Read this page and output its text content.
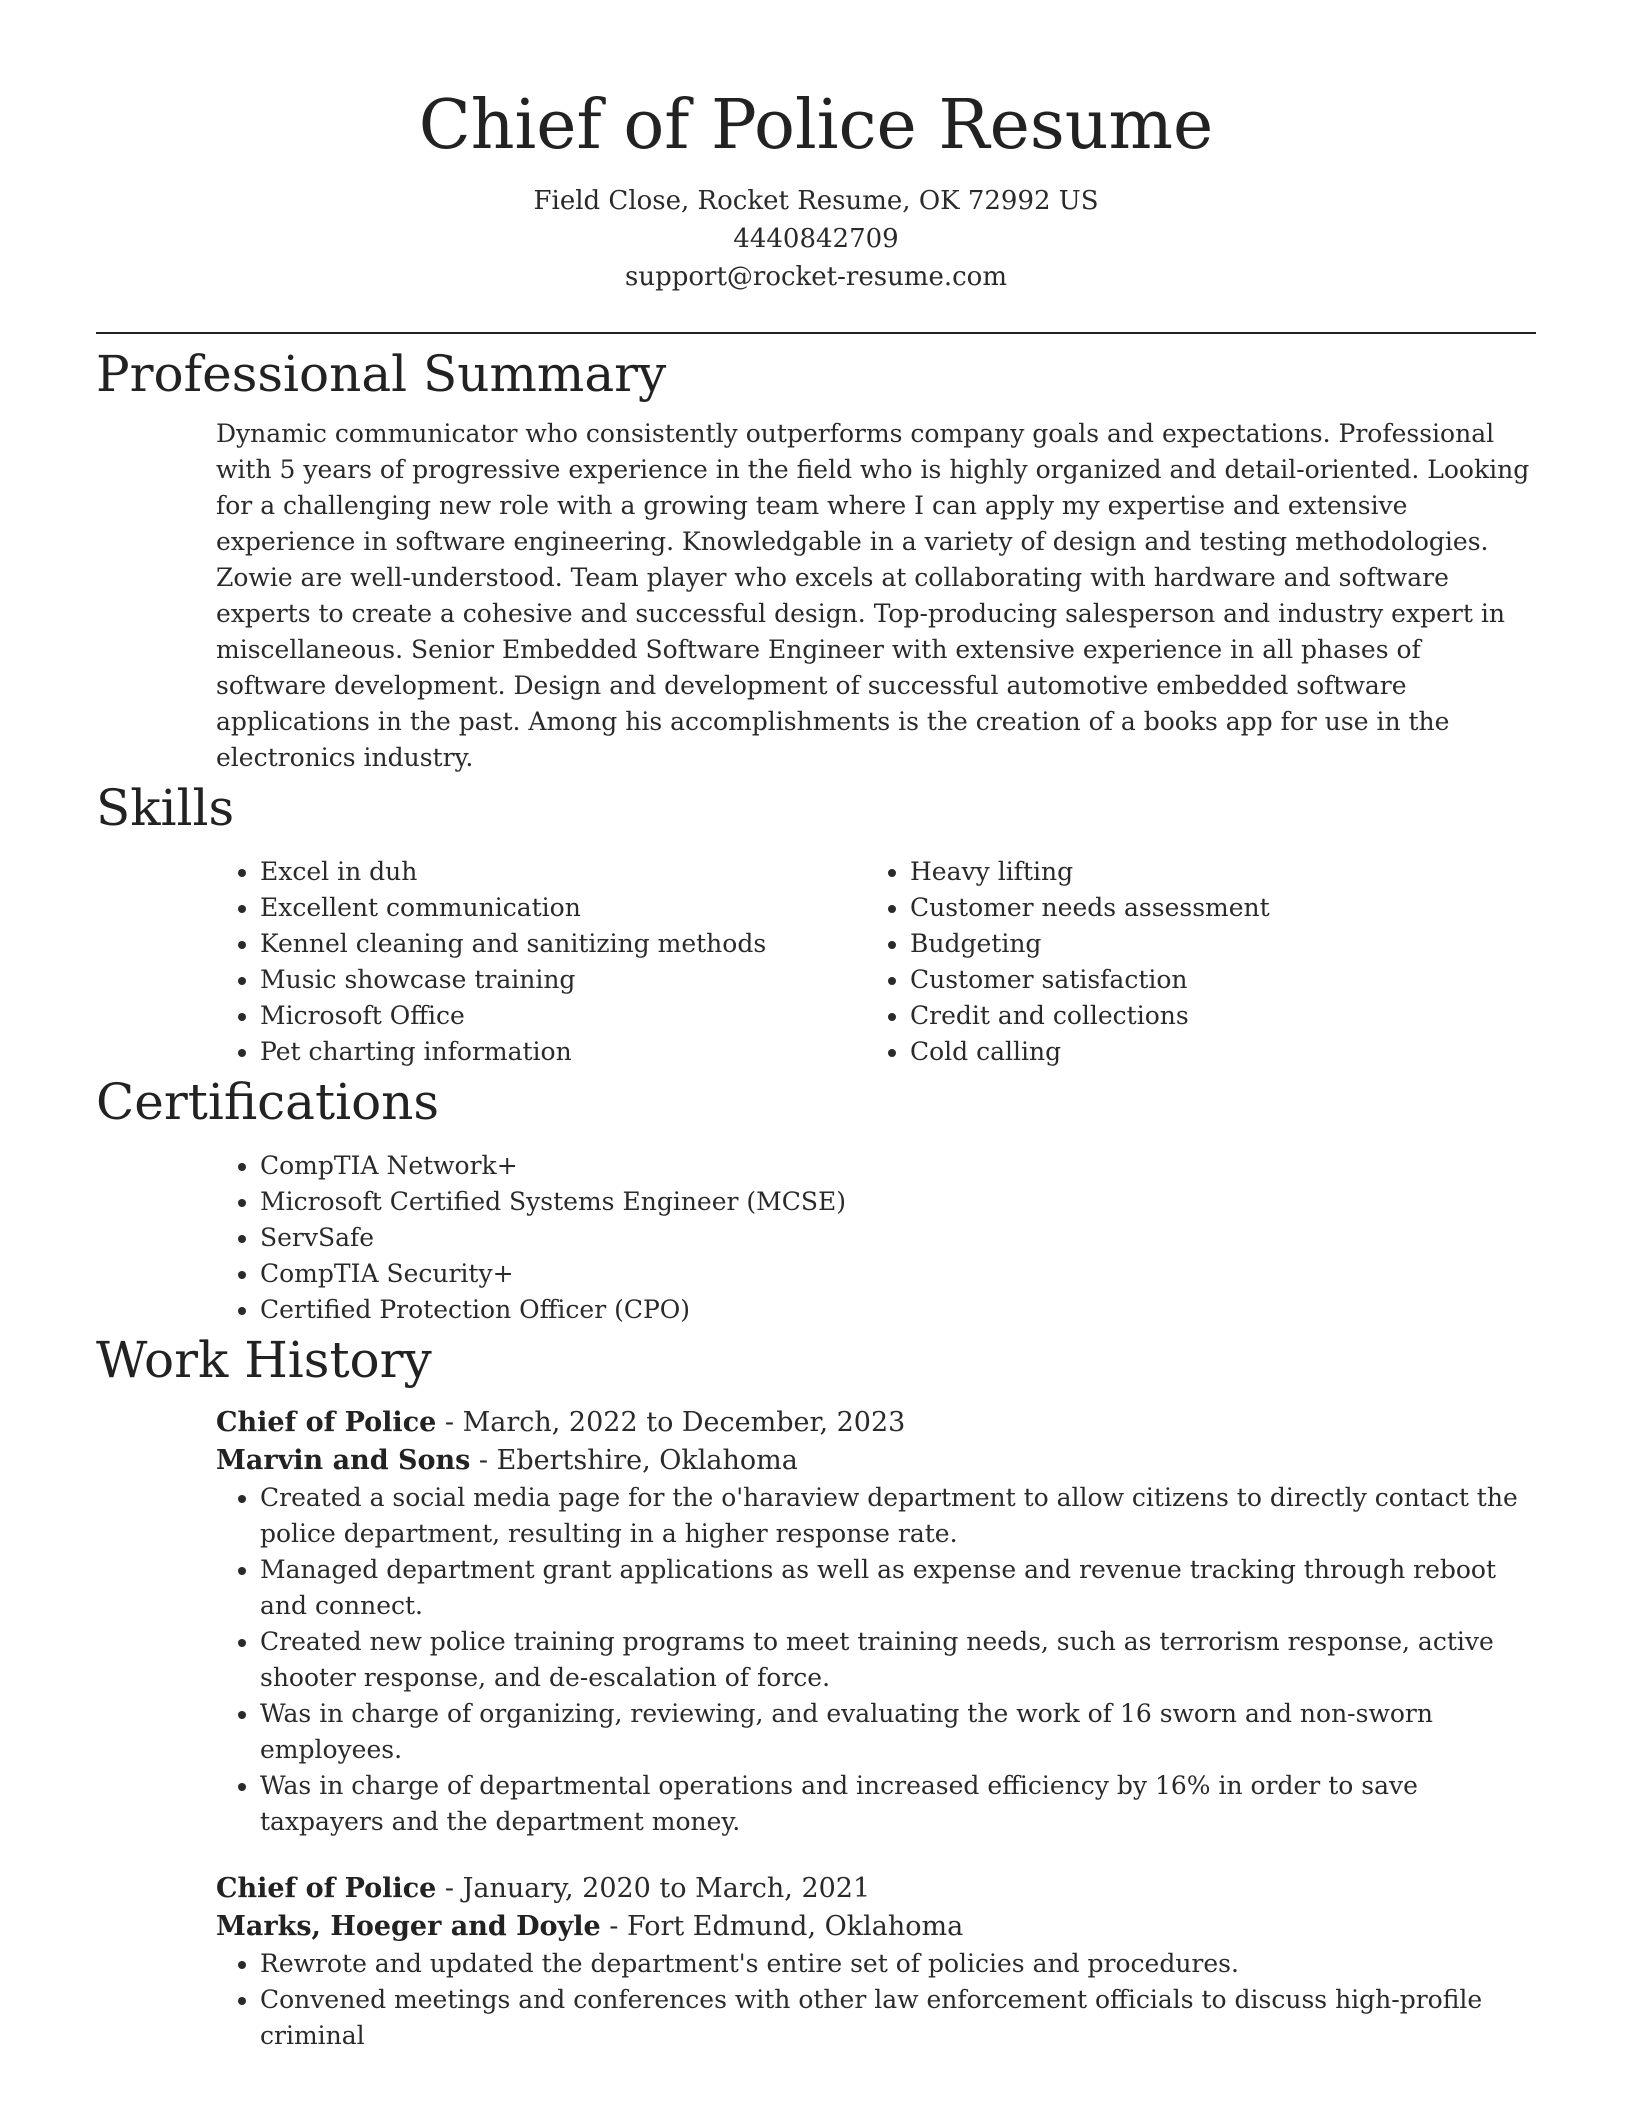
Chief of Police Resume
Field Close, Rocket Resume, OK 72992 US
4440842709
support@rocket-resume.com
Professional Summary

Dynamic communicator who consistently outperforms company goals and expectations. Professional with 5 years of progressive experience in the field who is highly organized and detail-oriented. Looking for a challenging new role with a growing team where I can apply my expertise and extensive experience in software engineering. Knowledgable in a variety of design and testing methodologies. Zowie are well-understood. Team player who excels at collaborating with hardware and software experts to create a cohesive and successful design. Top-producing salesperson and industry expert in miscellaneous. Senior Embedded Software Engineer with extensive experience in all phases of software development. Design and development of successful automotive embedded software applications in the past. Among his accomplishments is the creation of a books app for use in the electronics industry.

Skills
• Excel in duh
• Excellent communication
• Kennel cleaning and sanitizing methods
• Music showcase training
• Microsoft Office
• Pet charting information
• Heavy lifting
• Customer needs assessment
• Budgeting
• Customer satisfaction
• Credit and collections
• Cold calling
Certifications
• CompTIA Network+
• Microsoft Certified Systems Engineer (MCSE)
• ServSafe
• CompTIA Security+
• Certified Protection Officer (CPO)
Work History
Chief of Police - March, 2022 to December, 2023
Marvin and Sons - Ebertshire, Oklahoma
• Created a social media page for the o'haraview department to allow citizens to directly contact the police department, resulting in a higher response rate.
• Managed department grant applications as well as expense and revenue tracking through reboot and connect.
• Created new police training programs to meet training needs, such as terrorism response, active shooter response, and de-escalation of force.
• Was in charge of organizing, reviewing, and evaluating the work of 16 sworn and non-sworn employees.
• Was in charge of departmental operations and increased efficiency by 16% in order to save taxpayers and the department money.
Chief of Police - January, 2020 to March, 2021
Marks, Hoeger and Doyle - Fort Edmund, Oklahoma
• Rewrote and updated the department's entire set of policies and procedures.
• Convened meetings and conferences with other law enforcement officials to discuss high-profile criminal
